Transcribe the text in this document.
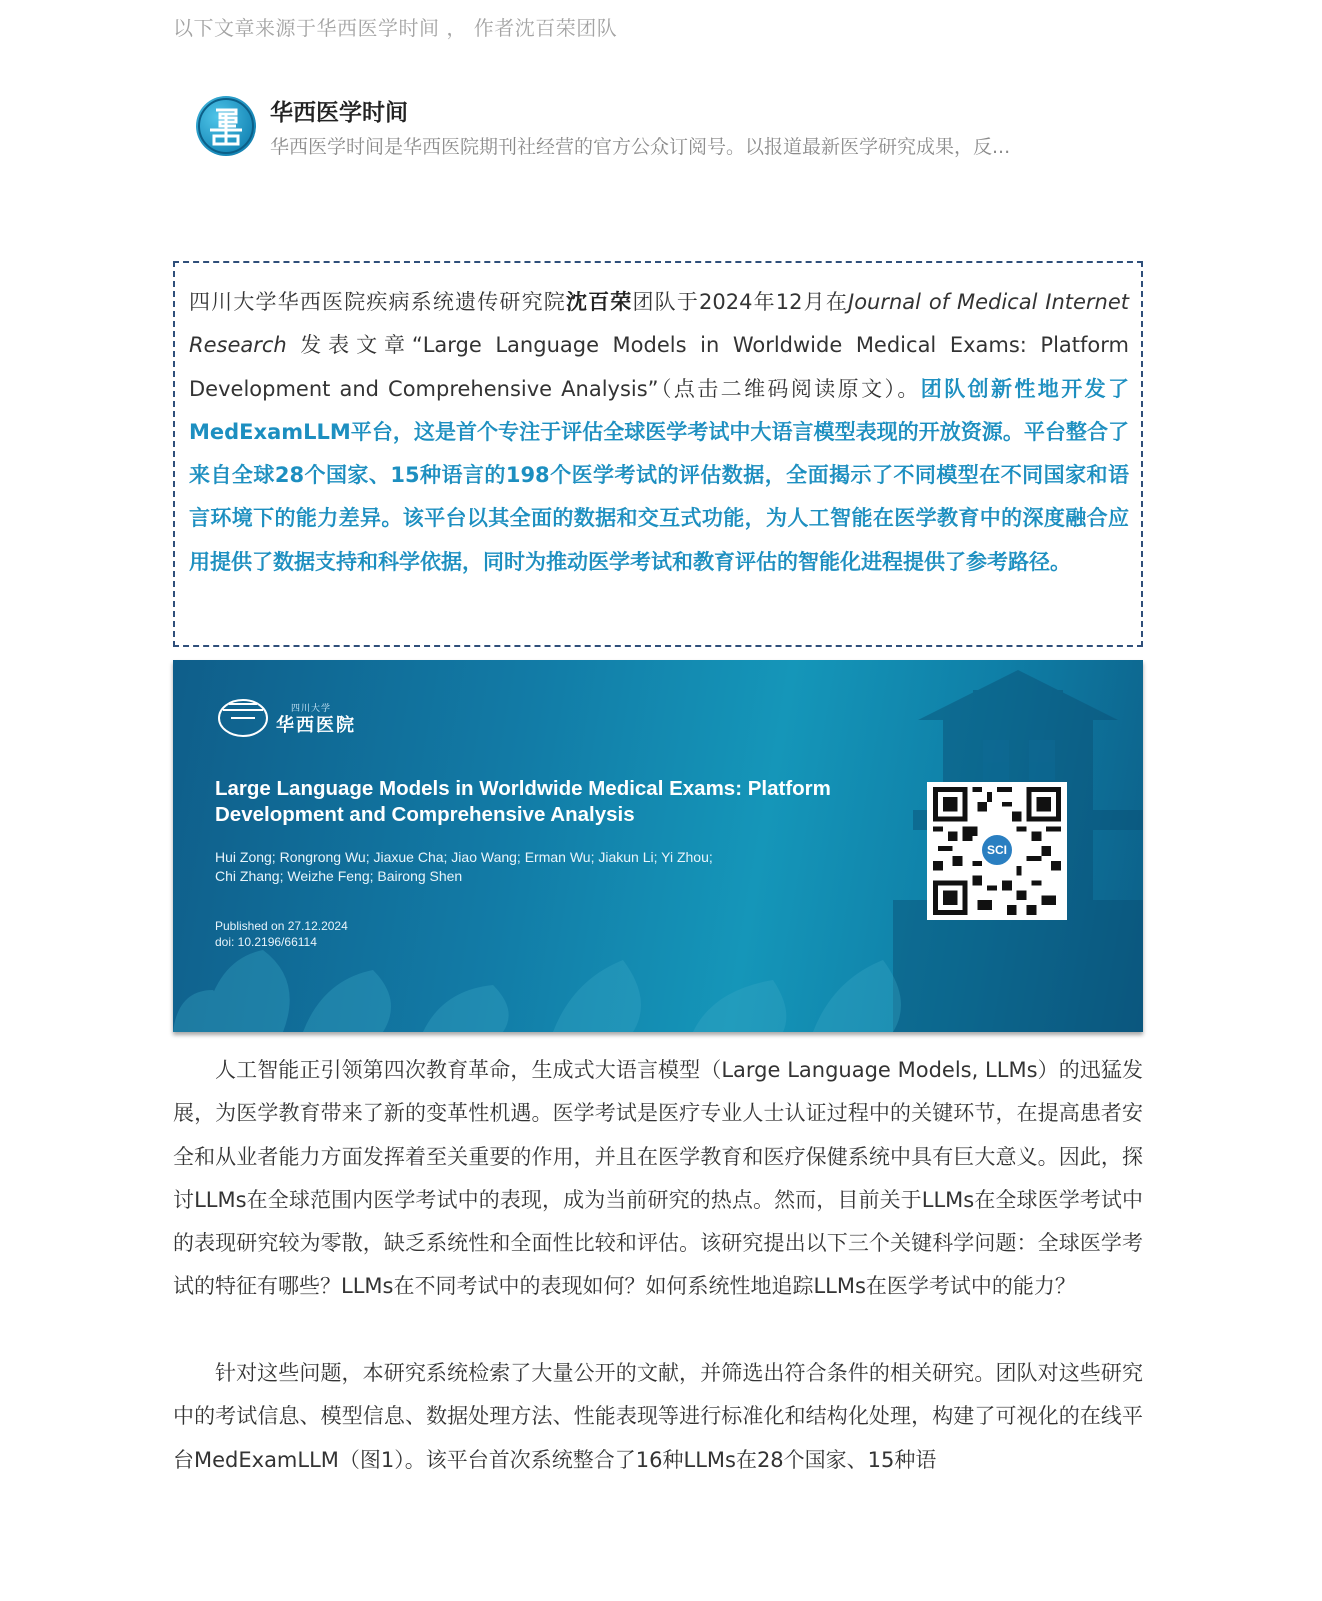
以下文章来源于华西医学时间 ， 作者沈百荣团队
华西医学时间
华西医学时间是华西医院期刊社经营的官方公众订阅号。以报道最新医学研究成果，反...

四川大学华西医院疾病系统遗传研究院沈百荣团队于2024年12月在Journal of Medical Internet Research 发表文章“Large Language Models in Worldwide Medical Exams: Platform Development and Comprehensive Analysis”（点击二维码阅读原文）。团队创新性地开发了MedExamLLM平台，这是首个专注于评估全球医学考试中大语言模型表现的开放资源。平台整合了来自全球28个国家、15种语言的198个医学考试的评估数据，全面揭示了不同模型在不同国家和语言环境下的能力差异。该平台以其全面的数据和交互式功能，为人工智能在医学教育中的深度融合应用提供了数据支持和科学依据，同时为推动医学考试和教育评估的智能化进程提供了参考路径。

四川大学
华西医院

Large Language Models in Worldwide Medical Exams: Platform Development and Comprehensive Analysis

Hui Zong; Rongrong Wu; Jiaxue Cha; Jiao Wang; Erman Wu; Jiakun Li; Yi Zhou;
Chi Zhang; Weizhe Feng; Bairong Shen

Published on 27.12.2024
doi: 10.2196/66114

SCI

人工智能正引领第四次教育革命，生成式大语言模型（Large Language Models, LLMs）的迅猛发展，为医学教育带来了新的变革性机遇。医学考试是医疗专业人士认证过程中的关键环节，在提高患者安全和从业者能力方面发挥着至关重要的作用，并且在医学教育和医疗保健系统中具有巨大意义。因此，探讨LLMs在全球范围内医学考试中的表现，成为当前研究的热点。然而，目前关于LLMs在全球医学考试中的表现研究较为零散，缺乏系统性和全面性比较和评估。该研究提出以下三个关键科学问题：全球医学考试的特征有哪些？LLMs在不同考试中的表现如何？如何系统性地追踪LLMs在医学考试中的能力？

针对这些问题，本研究系统检索了大量公开的文献，并筛选出符合条件的相关研究。团队对这些研究中的考试信息、模型信息、数据处理方法、性能表现等进行标准化和结构化处理，构建了可视化的在线平台MedExamLLM（图1）。该平台首次系统整合了16种LLMs在28个国家、15种语
